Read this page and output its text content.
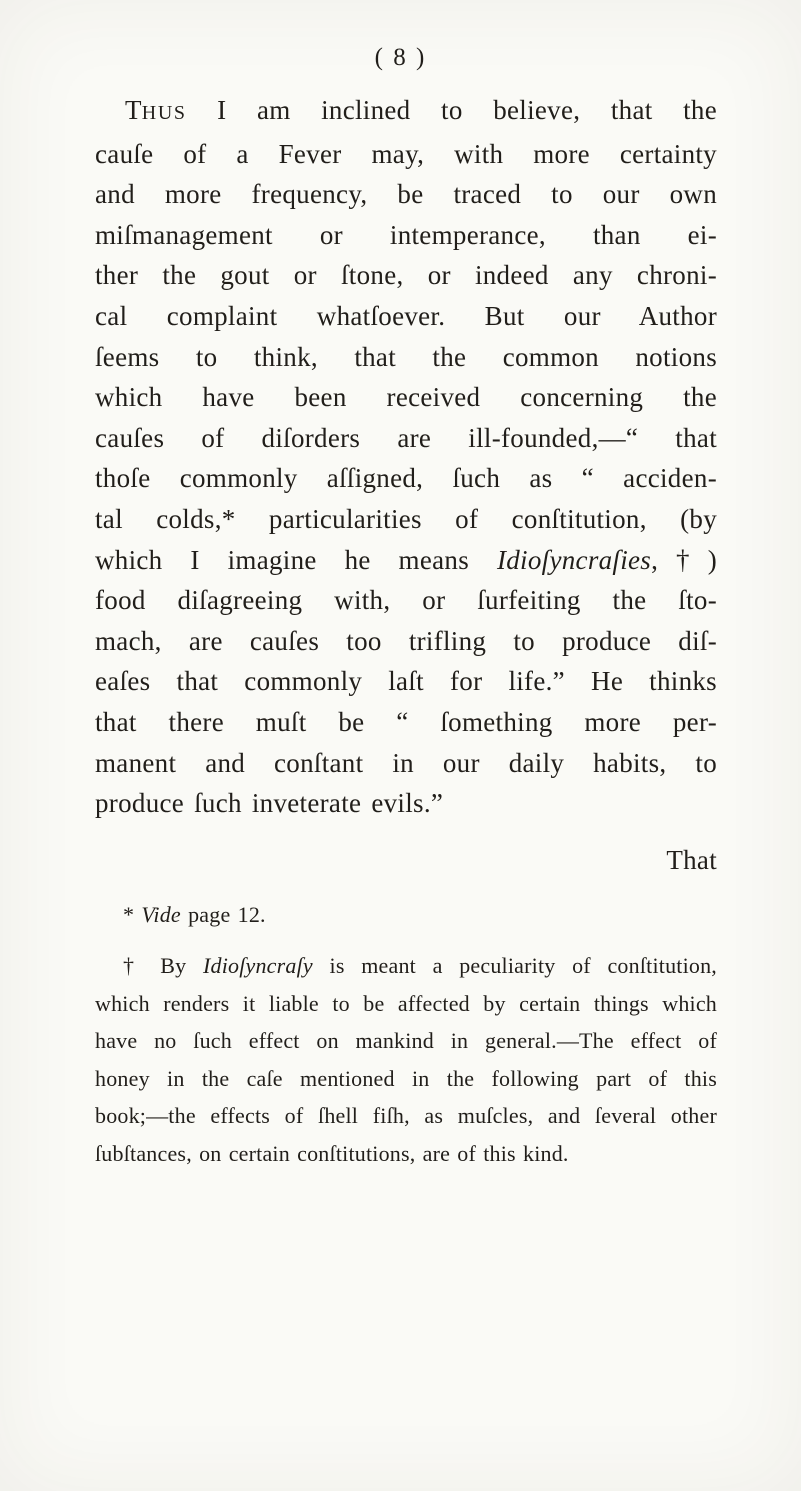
( 8 )
THUS I am inclined to believe, that the
cauſe of a Fever may, with more certainty
and more frequency, be traced to our own
miſmanagement or intemperance, than ei-
ther the gout or ſtone, or indeed any chroni-
cal complaint whatſoever. But our Author
ſeems to think, that the common notions
which have been received concerning the
cauſes of diſorders are ill-founded,—“ that
thoſe commonly aſſigned, ſuch as “ acciden-
tal colds,* particularities of conſtitution, (by
which I imagine he means Idioſyncraſies,†)
food diſagreeing with, or ſurfeiting the ſto-
mach, are cauſes too trifling to produce diſ-
eaſes that commonly laſt for life.” He thinks
that there muſt be “ ſomething more per-
manent and conſtant in our daily habits, to
produce ſuch inveterate evils.”
That
* Vide page 12.
† By Idioſyncraſy is meant a peculiarity of conſtitution,
which renders it liable to be affected by certain things which
have no ſuch effect on mankind in general.—The effect of
honey in the caſe mentioned in the following part of this
book;—the effects of ſhell fiſh, as muſcles, and ſeveral other
ſubſtances, on certain conſtitutions, are of this kind.
